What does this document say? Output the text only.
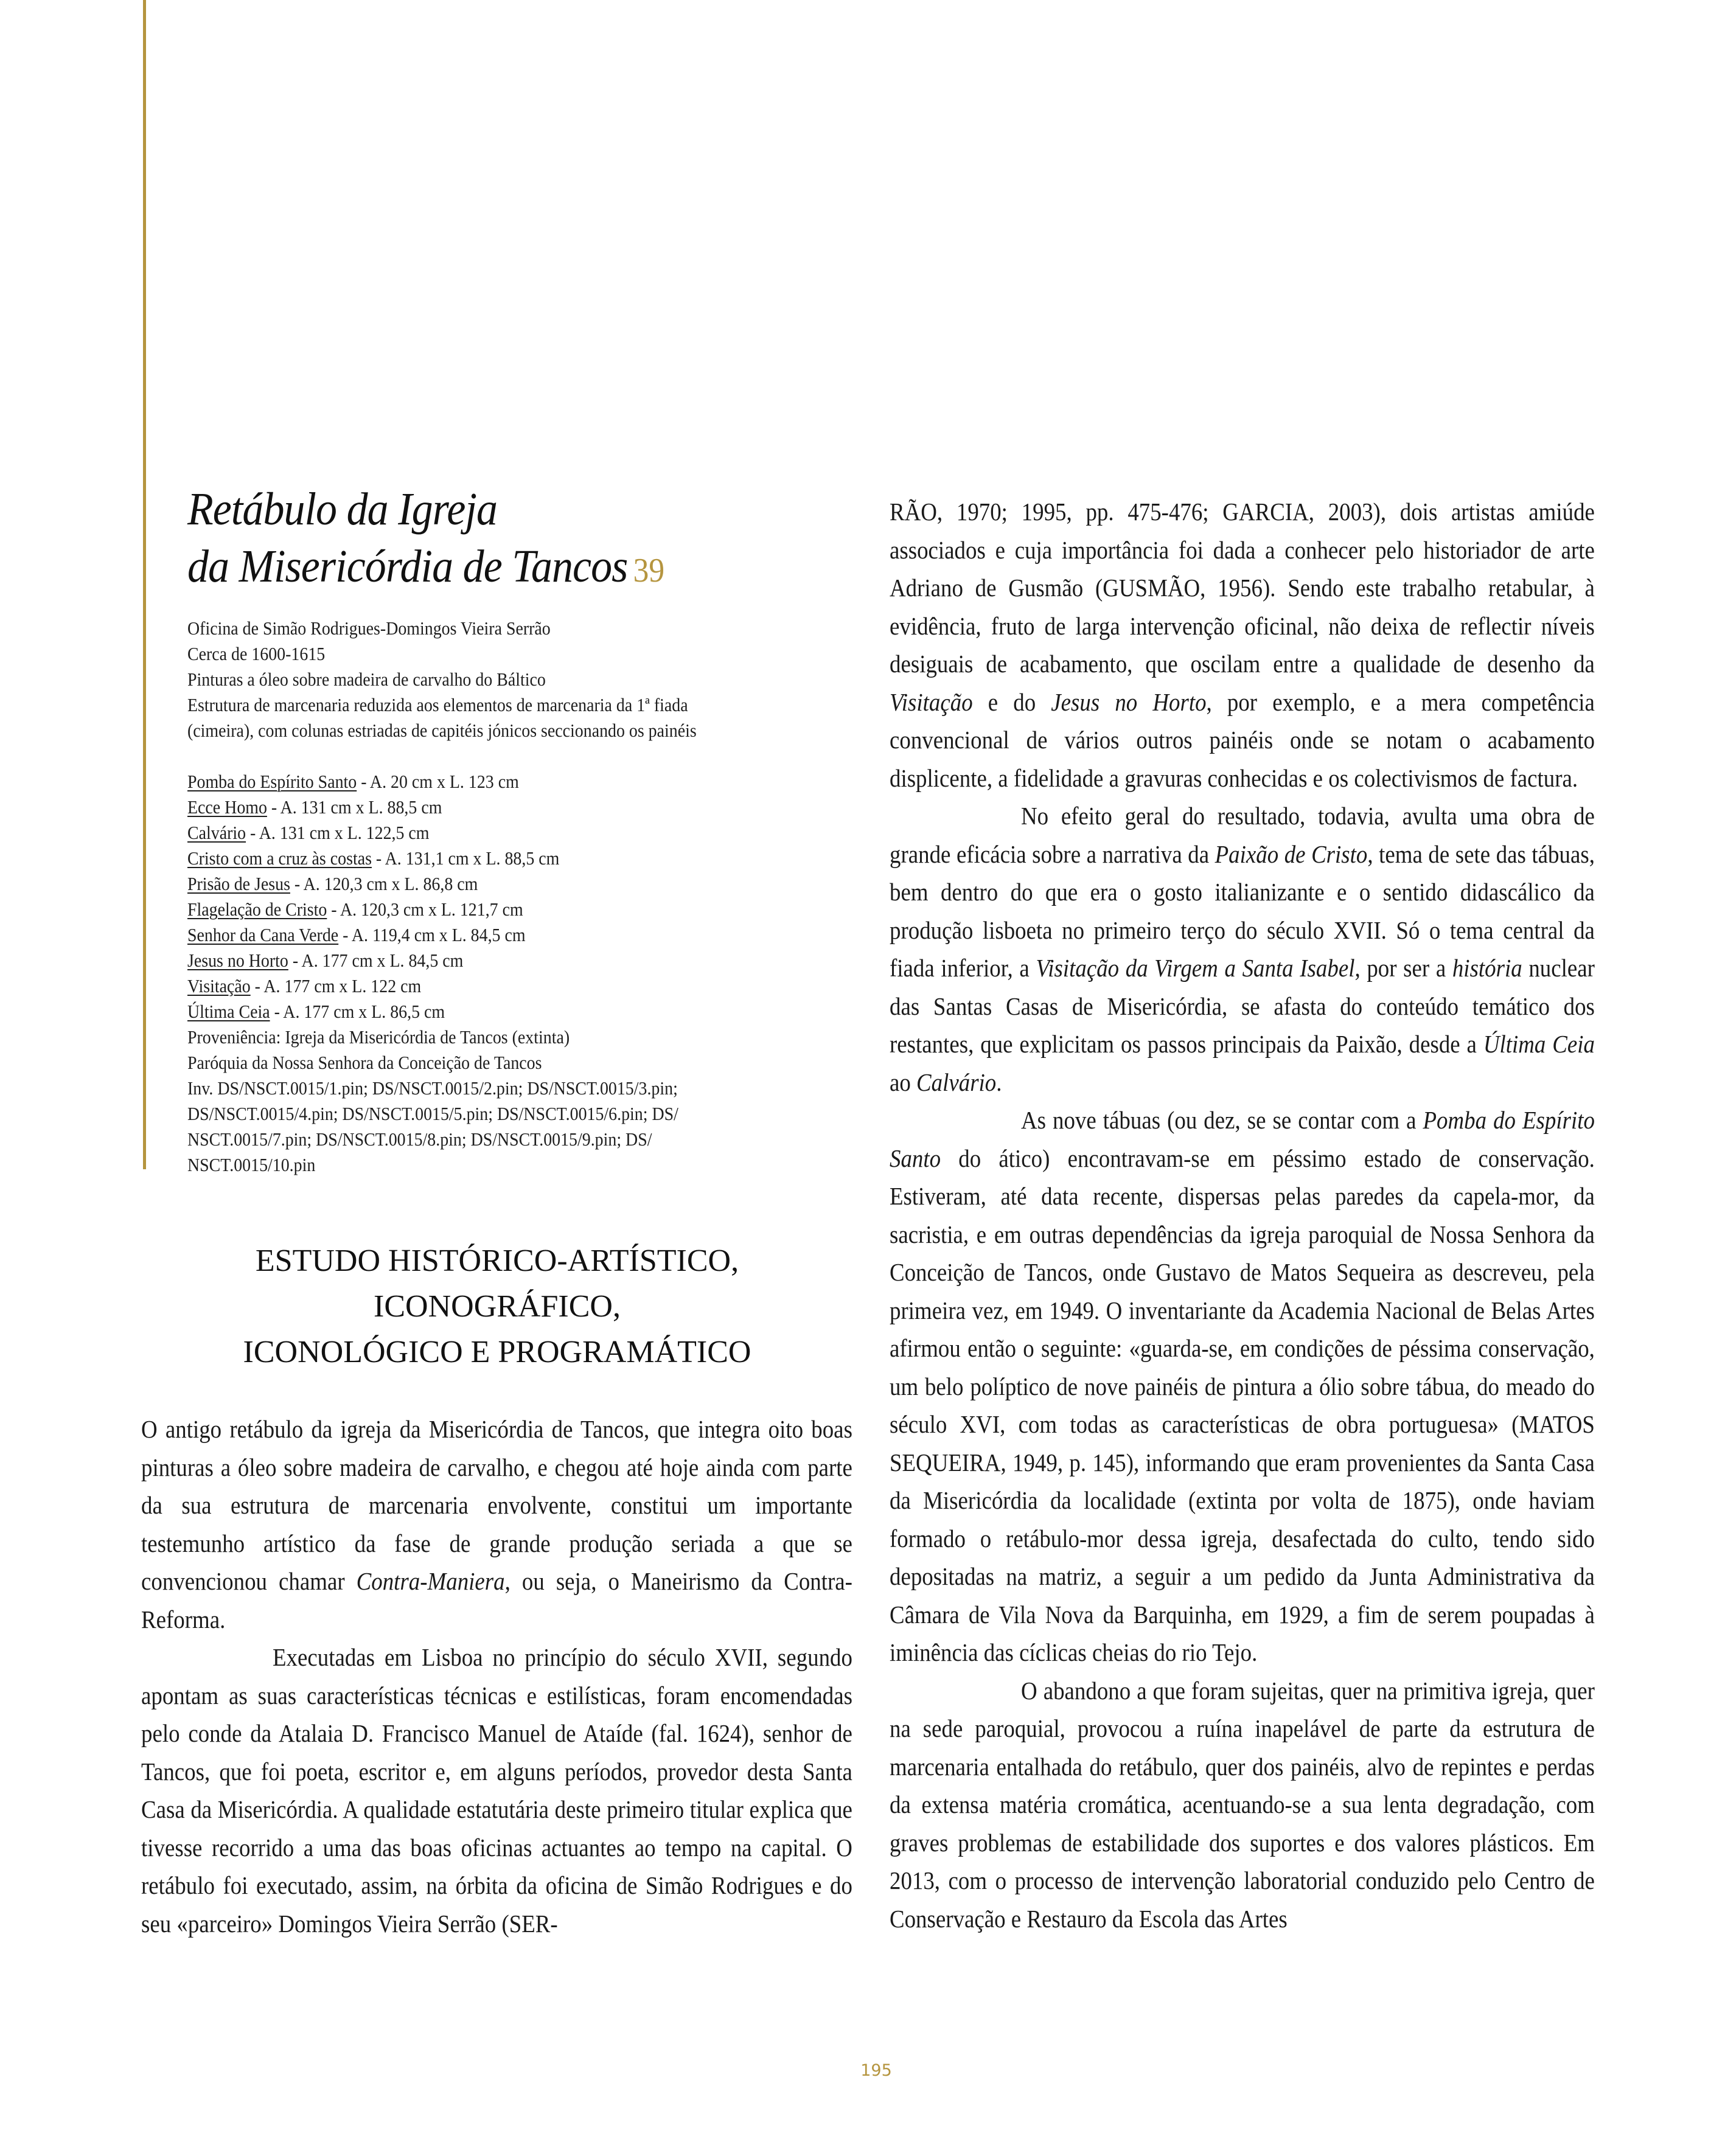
Retábulo da Igreja
da Misericórdia de Tancos 39
Oficina de Simão Rodrigues-Domingos Vieira Serrão
Cerca de 1600-1615
Pinturas a óleo sobre madeira de carvalho do Báltico
Estrutura de marcenaria reduzida aos elementos de marcenaria da 1ª fiada
(cimeira), com colunas estriadas de capitéis jónicos seccionando os painéis
Pomba do Espírito Santo - A. 20 cm x L. 123 cm
Ecce Homo - A. 131 cm x L. 88,5 cm
Calvário - A. 131 cm x L. 122,5 cm
Cristo com a cruz às costas - A. 131,1 cm x L. 88,5 cm
Prisão de Jesus - A. 120,3 cm x L. 86,8 cm
Flagelação de Cristo - A. 120,3 cm x L. 121,7 cm
Senhor da Cana Verde - A. 119,4 cm x L. 84,5 cm
Jesus no Horto - A. 177 cm x L. 84,5 cm
Visitação - A. 177 cm x L. 122 cm
Última Ceia - A. 177 cm x L. 86,5 cm
Proveniência: Igreja da Misericórdia de Tancos (extinta)
Paróquia da Nossa Senhora da Conceição de Tancos
Inv. DS/NSCT.0015/1.pin; DS/NSCT.0015/2.pin; DS/NSCT.0015/3.pin;
DS/NSCT.0015/4.pin; DS/NSCT.0015/5.pin; DS/NSCT.0015/6.pin; DS/
NSCT.0015/7.pin; DS/NSCT.0015/8.pin; DS/NSCT.0015/9.pin; DS/
NSCT.0015/10.pin
ESTUDO HISTÓRICO-ARTÍSTICO,
ICONOGRÁFICO,
ICONOLÓGICO E PROGRAMÁTICO

O antigo retábulo da igreja da Misericórdia de Tancos, que integra oito boas pinturas a óleo sobre madeira de carvalho, e chegou até hoje ainda com parte da sua estrutura de marcenaria envolvente, constitui um importante testemunho artístico da fase de grande produção seriada a que se convencionou chamar Contra-Maniera, ou seja, o Maneirismo da Contra-Reforma.

Executadas em Lisboa no princípio do século XVII, segundo apontam as suas características técnicas e estilísticas, foram encomendadas pelo conde da Atalaia D. Francisco Manuel de Ataíde (fal. 1624), senhor de Tancos, que foi poeta, escritor e, em alguns períodos, provedor desta Santa Casa da Misericórdia. A qualidade estatutária deste primeiro titular explica que tivesse recorrido a uma das boas oficinas actuantes ao tempo na capital. O retábulo foi executado, assim, na órbita da oficina de Simão Rodrigues e do seu «parceiro» Domingos Vieira Serrão (SER-

RÃO, 1970; 1995, pp. 475-476; GARCIA, 2003), dois artistas amiúde associados e cuja importância foi dada a conhecer pelo historiador de arte Adriano de Gusmão (GUSMÃO, 1956). Sendo este trabalho retabular, à evidência, fruto de larga intervenção oficinal, não deixa de reflectir níveis desiguais de acabamento, que oscilam entre a qualidade de desenho da Visitação e do Jesus no Horto, por exemplo, e a mera competência convencional de vários outros painéis onde se notam o acabamento displicente, a fidelidade a gravuras conhecidas e os colectivismos de factura.

No efeito geral do resultado, todavia, avulta uma obra de grande eficácia sobre a narrativa da Paixão de Cristo, tema de sete das tábuas, bem dentro do que era o gosto italianizante e o sentido didascálico da produção lisboeta no primeiro terço do século XVII. Só o tema central da fiada inferior, a Visitação da Virgem a Santa Isabel, por ser a história nuclear das Santas Casas de Misericórdia, se afasta do conteúdo temático dos restantes, que explicitam os passos principais da Paixão, desde a Última Ceia ao Calvário.

As nove tábuas (ou dez, se se contar com a Pomba do Espírito Santo do ático) encontravam-se em péssimo estado de conservação. Estiveram, até data recente, dispersas pelas paredes da capela-mor, da sacristia, e em outras dependências da igreja paroquial de Nossa Senhora da Conceição de Tancos, onde Gustavo de Matos Sequeira as descreveu, pela primeira vez, em 1949. O inventariante da Academia Nacional de Belas Artes afirmou então o seguinte: «guarda-se, em condições de péssima conservação, um belo políptico de nove painéis de pintura a ólio sobre tábua, do meado do século XVI, com todas as características de obra portuguesa» (MATOS SEQUEIRA, 1949, p. 145), informando que eram provenientes da Santa Casa da Misericórdia da localidade (extinta por volta de 1875), onde haviam formado o retábulo-mor dessa igreja, desafectada do culto, tendo sido depositadas na matriz, a seguir a um pedido da Junta Administrativa da Câmara de Vila Nova da Barquinha, em 1929, a fim de serem poupadas à iminência das cíclicas cheias do rio Tejo.

O abandono a que foram sujeitas, quer na primitiva igreja, quer na sede paroquial, provocou a ruína inapelável de parte da estrutura de marcenaria entalhada do retábulo, quer dos painéis, alvo de repintes e perdas da extensa matéria cromática, acentuando-se a sua lenta degradação, com graves problemas de estabilidade dos suportes e dos valores plásticos. Em 2013, com o processo de intervenção laboratorial conduzido pelo Centro de Conservação e Restauro da Escola das Artes

195
